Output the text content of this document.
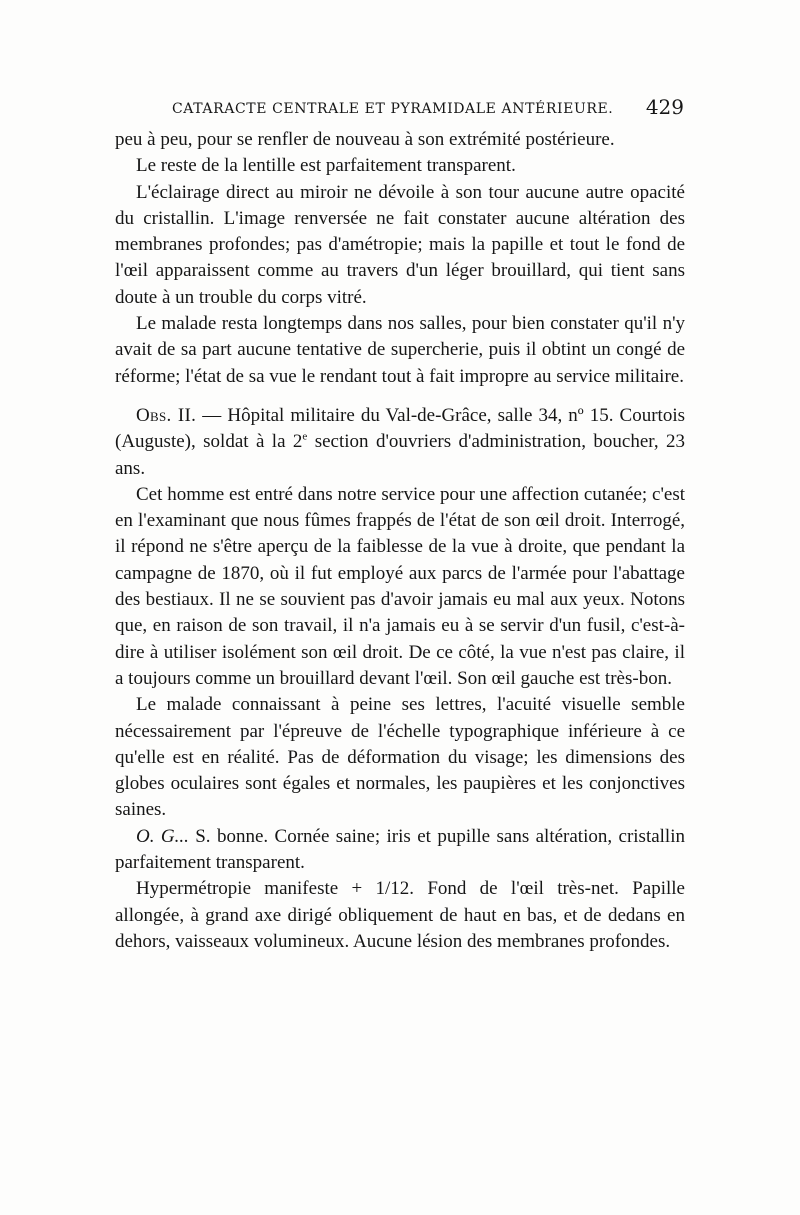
CATARACTE CENTRALE ET PYRAMIDALE ANTÉRIEURE. 429

peu à peu, pour se renfler de nouveau à son extrémité postérieure.

Le reste de la lentille est parfaitement transparent.

L'éclairage direct au miroir ne dévoile à son tour aucune autre opacité du cristallin. L'image renversée ne fait constater aucune altération des membranes profondes; pas d'amétropie; mais la papille et tout le fond de l'œil apparaissent comme au travers d'un léger brouillard, qui tient sans doute à un trouble du corps vitré.

Le malade resta longtemps dans nos salles, pour bien constater qu'il n'y avait de sa part aucune tentative de supercherie, puis il obtint un congé de réforme; l'état de sa vue le rendant tout à fait impropre au service militaire.

Obs. II. — Hôpital militaire du Val-de-Grâce, salle 34, nº 15. Courtois (Auguste), soldat à la 2e section d'ouvriers d'administration, boucher, 23 ans.

Cet homme est entré dans notre service pour une affection cutanée; c'est en l'examinant que nous fûmes frappés de l'état de son œil droit. Interrogé, il répond ne s'être aperçu de la faiblesse de la vue à droite, que pendant la campagne de 1870, où il fut employé aux parcs de l'armée pour l'abattage des bestiaux. Il ne se souvient pas d'avoir jamais eu mal aux yeux. Notons que, en raison de son travail, il n'a jamais eu à se servir d'un fusil, c'est-à-dire à utiliser isolément son œil droit. De ce côté, la vue n'est pas claire, il a toujours comme un brouillard devant l'œil. Son œil gauche est très-bon.

Le malade connaissant à peine ses lettres, l'acuité visuelle semble nécessairement par l'épreuve de l'échelle typographique inférieure à ce qu'elle est en réalité. Pas de déformation du visage; les dimensions des globes oculaires sont égales et normales, les paupières et les conjonctives saines.

O. G... S. bonne. Cornée saine; iris et pupille sans altération, cristallin parfaitement transparent.

Hypermétropie manifeste + 1/12. Fond de l'œil très-net. Papille allongée, à grand axe dirigé obliquement de haut en bas, et de dedans en dehors, vaisseaux volumineux. Aucune lésion des membranes profondes.
